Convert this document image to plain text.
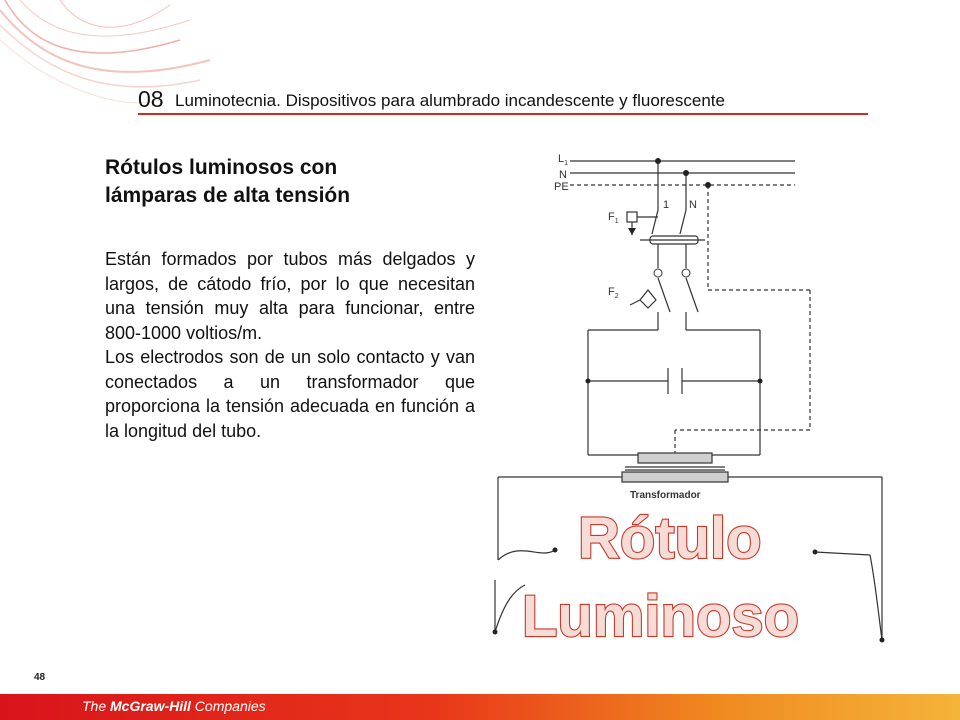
08 Luminotecnia. Dispositivos para alumbrado incandescente y fluorescente
Rótulos luminosos con lámparas de alta tensión

Están formados por tubos más delgados y largos, de cátodo frío, por lo que necesitan una tensión muy alta para funcionar, entre 800-1000 voltios/m.

Los electrodos son de un solo contacto y van conectados a un transformador que proporciona la tensión adecuada en función a la longitud del tubo.

$L_1$
N
PE
$F_1$
1 N
$F_2$
Transformador
Rótulo
Luminoso
48
The McGraw-Hill Companies
